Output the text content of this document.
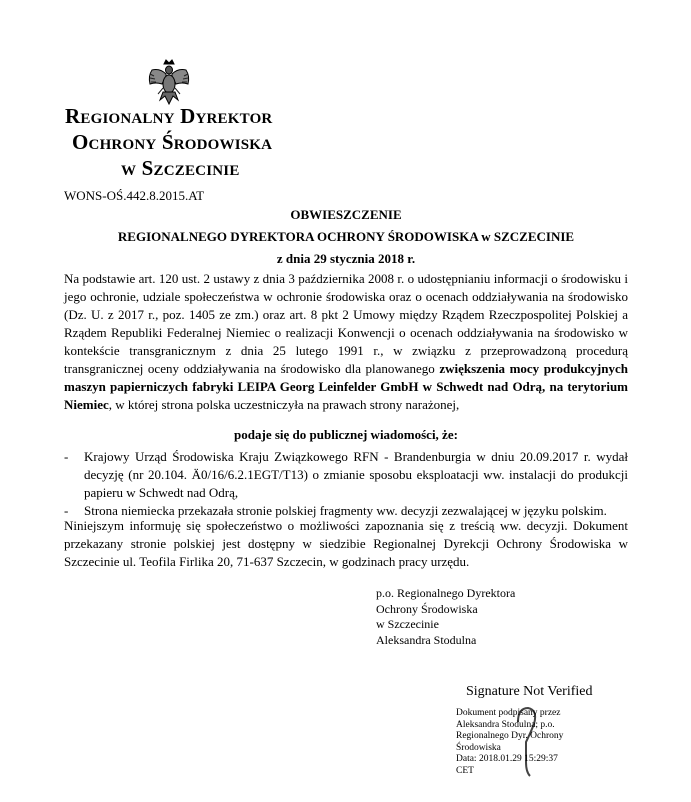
Regionalny Dyrektor
Ochrony Środowiska
w Szczecinie
WONS-OŚ.442.8.2015.AT
OBWIESZCZENIE
REGIONALNEGO DYREKTORA OCHRONY ŚRODOWISKA w SZCZECINIE
z dnia 29 stycznia 2018 r.
Na podstawie art. 120 ust. 2 ustawy z dnia 3 października 2008 r. o udostępnianiu informacji o środowisku i jego ochronie, udziale społeczeństwa w ochronie środowiska oraz o ocenach oddziaływania na środowisko (Dz. U. z 2017 r., poz. 1405 ze zm.) oraz art. 8 pkt 2 Umowy między Rządem Rzeczpospolitej Polskiej a Rządem Republiki Federalnej Niemiec o realizacji Konwencji o ocenach oddziaływania na środowisko w kontekście transgranicznym z dnia 25 lutego 1991 r., w związku z przeprowadzoną procedurą transgranicznej oceny oddziaływania na środowisko dla planowanego zwiększenia mocy produkcyjnych maszyn papierniczych fabryki LEIPA Georg Leinfelder GmbH w Schwedt nad Odrą, na terytorium Niemiec, w której strona polska uczestniczyła na prawach strony narażonej,
podaje się do publicznej wiadomości, że:
- Krajowy Urząd Środowiska Kraju Związkowego RFN - Brandenburgia w dniu 20.09.2017 r. wydał decyzję (nr 20.104. Ä0/16/6.2.1EGT/T13) o zmianie sposobu eksploatacji ww. instalacji do produkcji papieru w Schwedt nad Odrą,
- Strona niemiecka przekazała stronie polskiej fragmenty ww. decyzji zezwalającej w języku polskim.
Niniejszym informuję się społeczeństwo o możliwości zapoznania się z treścią ww. decyzji. Dokument przekazany stronie polskiej jest dostępny w siedzibie Regionalnej Dyrekcji Ochrony Środowiska w Szczecinie ul. Teofila Firlika 20, 71-637 Szczecin, w godzinach pracy urzędu.
p.o. Regionalnego Dyrektora
Ochrony Środowiska
w Szczecinie
Aleksandra Stodulna
Signature Not Verified
Dokument podpisany przez
Aleksandra Stodulna; p.o.
Regionalnego Dyr. Ochrony
Środowiska
Data: 2018.01.29 15:29:37
CET
